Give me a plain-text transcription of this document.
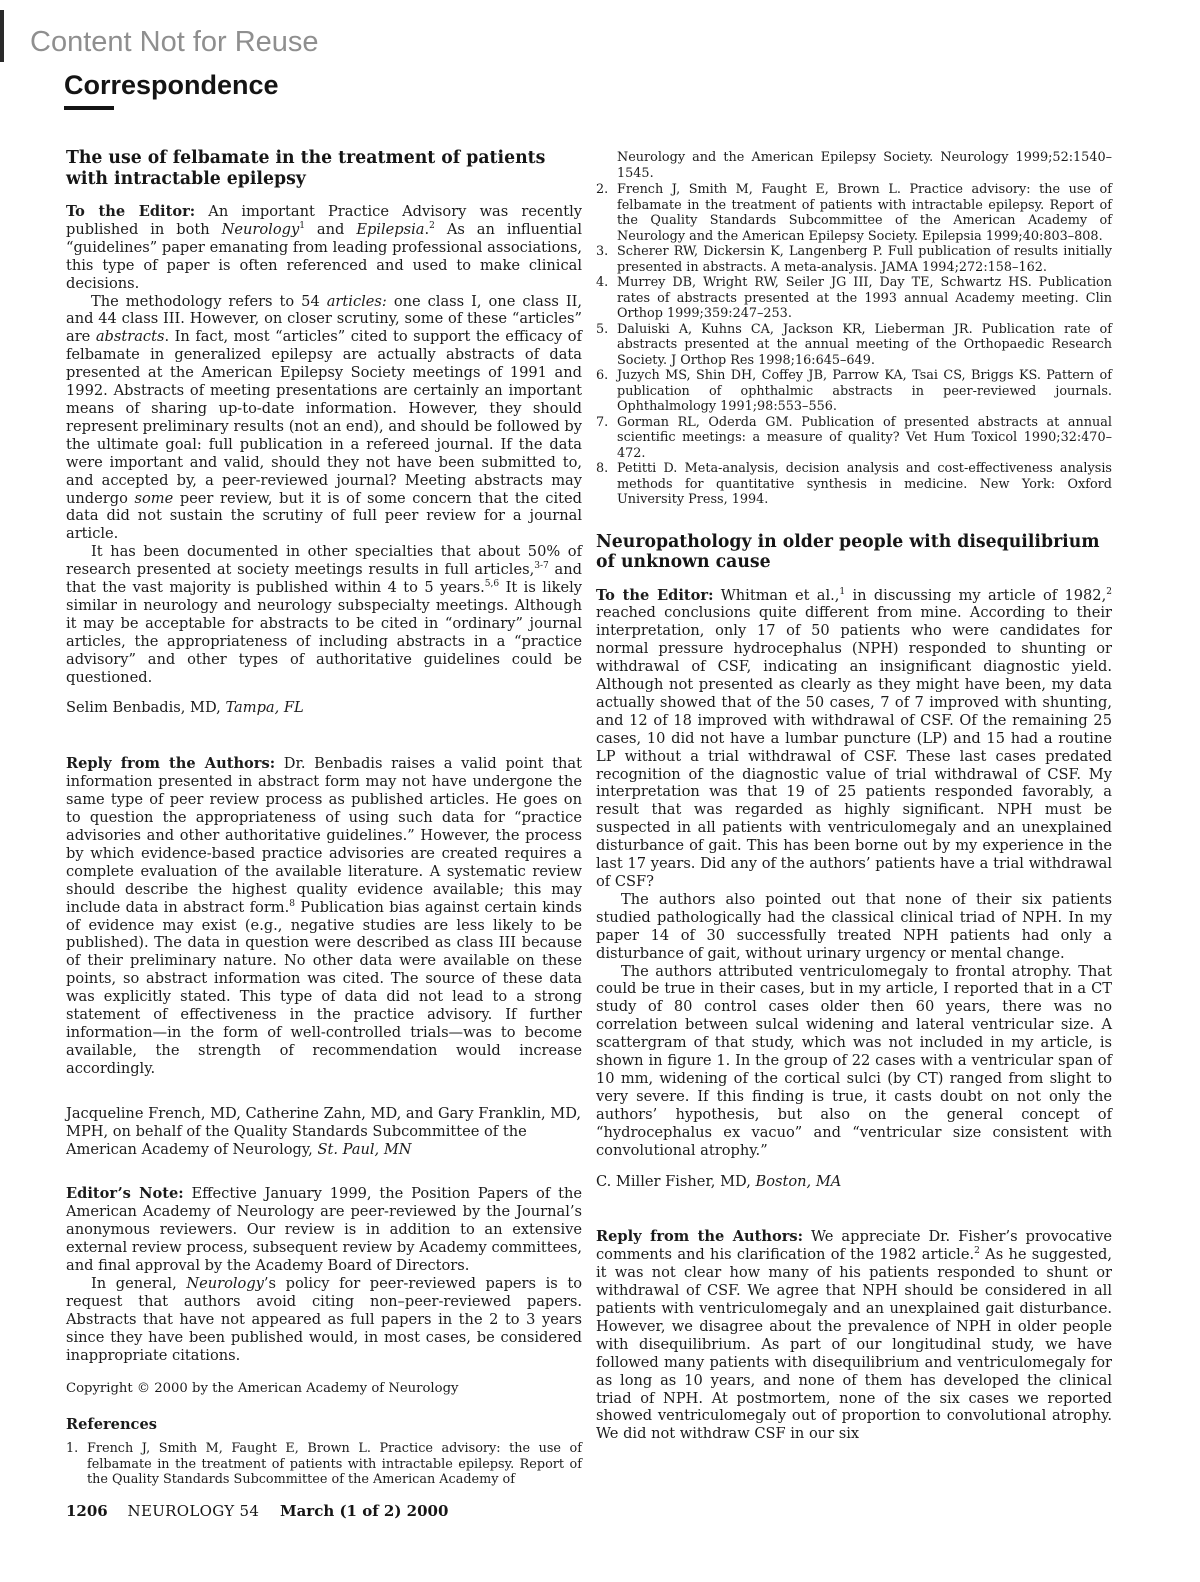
Content Not for Reuse
Correspondence
The use of felbamate in the treatment of patients with intractable epilepsy

To the Editor: An important Practice Advisory was recently published in both Neurology$^1$ and Epilepsia.$^2$ As an influential “guidelines” paper emanating from leading professional associations, this type of paper is often referenced and used to make clinical decisions.

The methodology refers to 54 articles: one class I, one class II, and 44 class III. However, on closer scrutiny, some of these “articles” are abstracts. In fact, most “articles” cited to support the efficacy of felbamate in generalized epilepsy are actually abstracts of data presented at the American Epilepsy Society meetings of 1991 and 1992. Abstracts of meeting presentations are certainly an important means of sharing up-to-date information. However, they should represent preliminary results (not an end), and should be followed by the ultimate goal: full publication in a refereed journal. If the data were important and valid, should they not have been submitted to, and accepted by, a peer-reviewed journal? Meeting abstracts may undergo some peer review, but it is of some concern that the cited data did not sustain the scrutiny of full peer review for a journal article.

It has been documented in other specialties that about 50% of research presented at society meetings results in full articles,$^{3-7}$ and that the vast majority is published within 4 to 5 years.$^{5,6}$ It is likely similar in neurology and neurology subspecialty meetings. Although it may be acceptable for abstracts to be cited in “ordinary” journal articles, the appropriateness of including abstracts in a “practice advisory” and other types of authoritative guidelines could be questioned.

Selim Benbadis, MD, Tampa, FL

Reply from the Authors: Dr. Benbadis raises a valid point that information presented in abstract form may not have undergone the same type of peer review process as published articles. He goes on to question the appropriateness of using such data for “practice advisories and other authoritative guidelines.” However, the process by which evidence-based practice advisories are created requires a complete evaluation of the available literature. A systematic review should describe the highest quality evidence available; this may include data in abstract form.$^8$ Publication bias against certain kinds of evidence may exist (e.g., negative studies are less likely to be published). The data in question were described as class III because of their preliminary nature. No other data were available on these points, so abstract information was cited. The source of these data was explicitly stated. This type of data did not lead to a strong statement of effectiveness in the practice advisory. If further information—in the form of well-controlled trials—was to become available, the strength of recommendation would increase accordingly.

Jacqueline French, MD, Catherine Zahn, MD, and Gary Franklin, MD, MPH, on behalf of the Quality Standards Subcommittee of the American Academy of Neurology, St. Paul, MN

Editor’s Note: Effective January 1999, the Position Papers of the American Academy of Neurology are peer-reviewed by the Journal’s anonymous reviewers. Our review is in addition to an extensive external review process, subsequent review by Academy committees, and final approval by the Academy Board of Directors.

In general, Neurology’s policy for peer-reviewed papers is to request that authors avoid citing non–peer-reviewed papers. Abstracts that have not appeared as full papers in the 2 to 3 years since they have been published would, in most cases, be considered inappropriate citations.

Copyright © 2000 by the American Academy of Neurology

References
1. French J, Smith M, Faught E, Brown L. Practice advisory: the use of felbamate in the treatment of patients with intractable epilepsy. Report of the Quality Standards Subcommittee of the American Academy of
Neurology and the American Epilepsy Society. Neurology 1999;52:1540–1545.
2. French J, Smith M, Faught E, Brown L. Practice advisory: the use of felbamate in the treatment of patients with intractable epilepsy. Report of the Quality Standards Subcommittee of the American Academy of Neurology and the American Epilepsy Society. Epilepsia 1999;40:803–808.
3. Scherer RW, Dickersin K, Langenberg P. Full publication of results initially presented in abstracts. A meta-analysis. JAMA 1994;272:158–162.
4. Murrey DB, Wright RW, Seiler JG III, Day TE, Schwartz HS. Publication rates of abstracts presented at the 1993 annual Academy meeting. Clin Orthop 1999;359:247–253.
5. Daluiski A, Kuhns CA, Jackson KR, Lieberman JR. Publication rate of abstracts presented at the annual meeting of the Orthopaedic Research Society. J Orthop Res 1998;16:645–649.
6. Juzych MS, Shin DH, Coffey JB, Parrow KA, Tsai CS, Briggs KS. Pattern of publication of ophthalmic abstracts in peer-reviewed journals. Ophthalmology 1991;98:553–556.
7. Gorman RL, Oderda GM. Publication of presented abstracts at annual scientific meetings: a measure of quality? Vet Hum Toxicol 1990;32:470–472.
8. Petitti D. Meta-analysis, decision analysis and cost-effectiveness analysis methods for quantitative synthesis in medicine. New York: Oxford University Press, 1994.
Neuropathology in older people with disequilibrium of unknown cause

To the Editor: Whitman et al.,$^1$ in discussing my article of 1982,$^2$ reached conclusions quite different from mine. According to their interpretation, only 17 of 50 patients who were candidates for normal pressure hydrocephalus (NPH) responded to shunting or withdrawal of CSF, indicating an insignificant diagnostic yield. Although not presented as clearly as they might have been, my data actually showed that of the 50 cases, 7 of 7 improved with shunting, and 12 of 18 improved with withdrawal of CSF. Of the remaining 25 cases, 10 did not have a lumbar puncture (LP) and 15 had a routine LP without a trial withdrawal of CSF. These last cases predated recognition of the diagnostic value of trial withdrawal of CSF. My interpretation was that 19 of 25 patients responded favorably, a result that was regarded as highly significant. NPH must be suspected in all patients with ventriculomegaly and an unexplained disturbance of gait. This has been borne out by my experience in the last 17 years. Did any of the authors’ patients have a trial withdrawal of CSF?

The authors also pointed out that none of their six patients studied pathologically had the classical clinical triad of NPH. In my paper 14 of 30 successfully treated NPH patients had only a disturbance of gait, without urinary urgency or mental change.

The authors attributed ventriculomegaly to frontal atrophy. That could be true in their cases, but in my article, I reported that in a CT study of 80 control cases older then 60 years, there was no correlation between sulcal widening and lateral ventricular size. A scattergram of that study, which was not included in my article, is shown in figure 1. In the group of 22 cases with a ventricular span of 10 mm, widening of the cortical sulci (by CT) ranged from slight to very severe. If this finding is true, it casts doubt on not only the authors’ hypothesis, but also on the general concept of “hydrocephalus ex vacuo” and “ventricular size consistent with convolutional atrophy.”

C. Miller Fisher, MD, Boston, MA

Reply from the Authors: We appreciate Dr. Fisher’s provocative comments and his clarification of the 1982 article.$^2$ As he suggested, it was not clear how many of his patients responded to shunt or withdrawal of CSF. We agree that NPH should be considered in all patients with ventriculomegaly and an unexplained gait disturbance. However, we disagree about the prevalence of NPH in older people with disequilibrium. As part of our longitudinal study, we have followed many patients with disequilibrium and ventriculomegaly for as long as 10 years, and none of them has developed the clinical triad of NPH. At postmortem, none of the six cases we reported showed ventriculomegaly out of proportion to convolutional atrophy. We did not withdraw CSF in our six

1206 NEUROLOGY 54 March (1 of 2) 2000
